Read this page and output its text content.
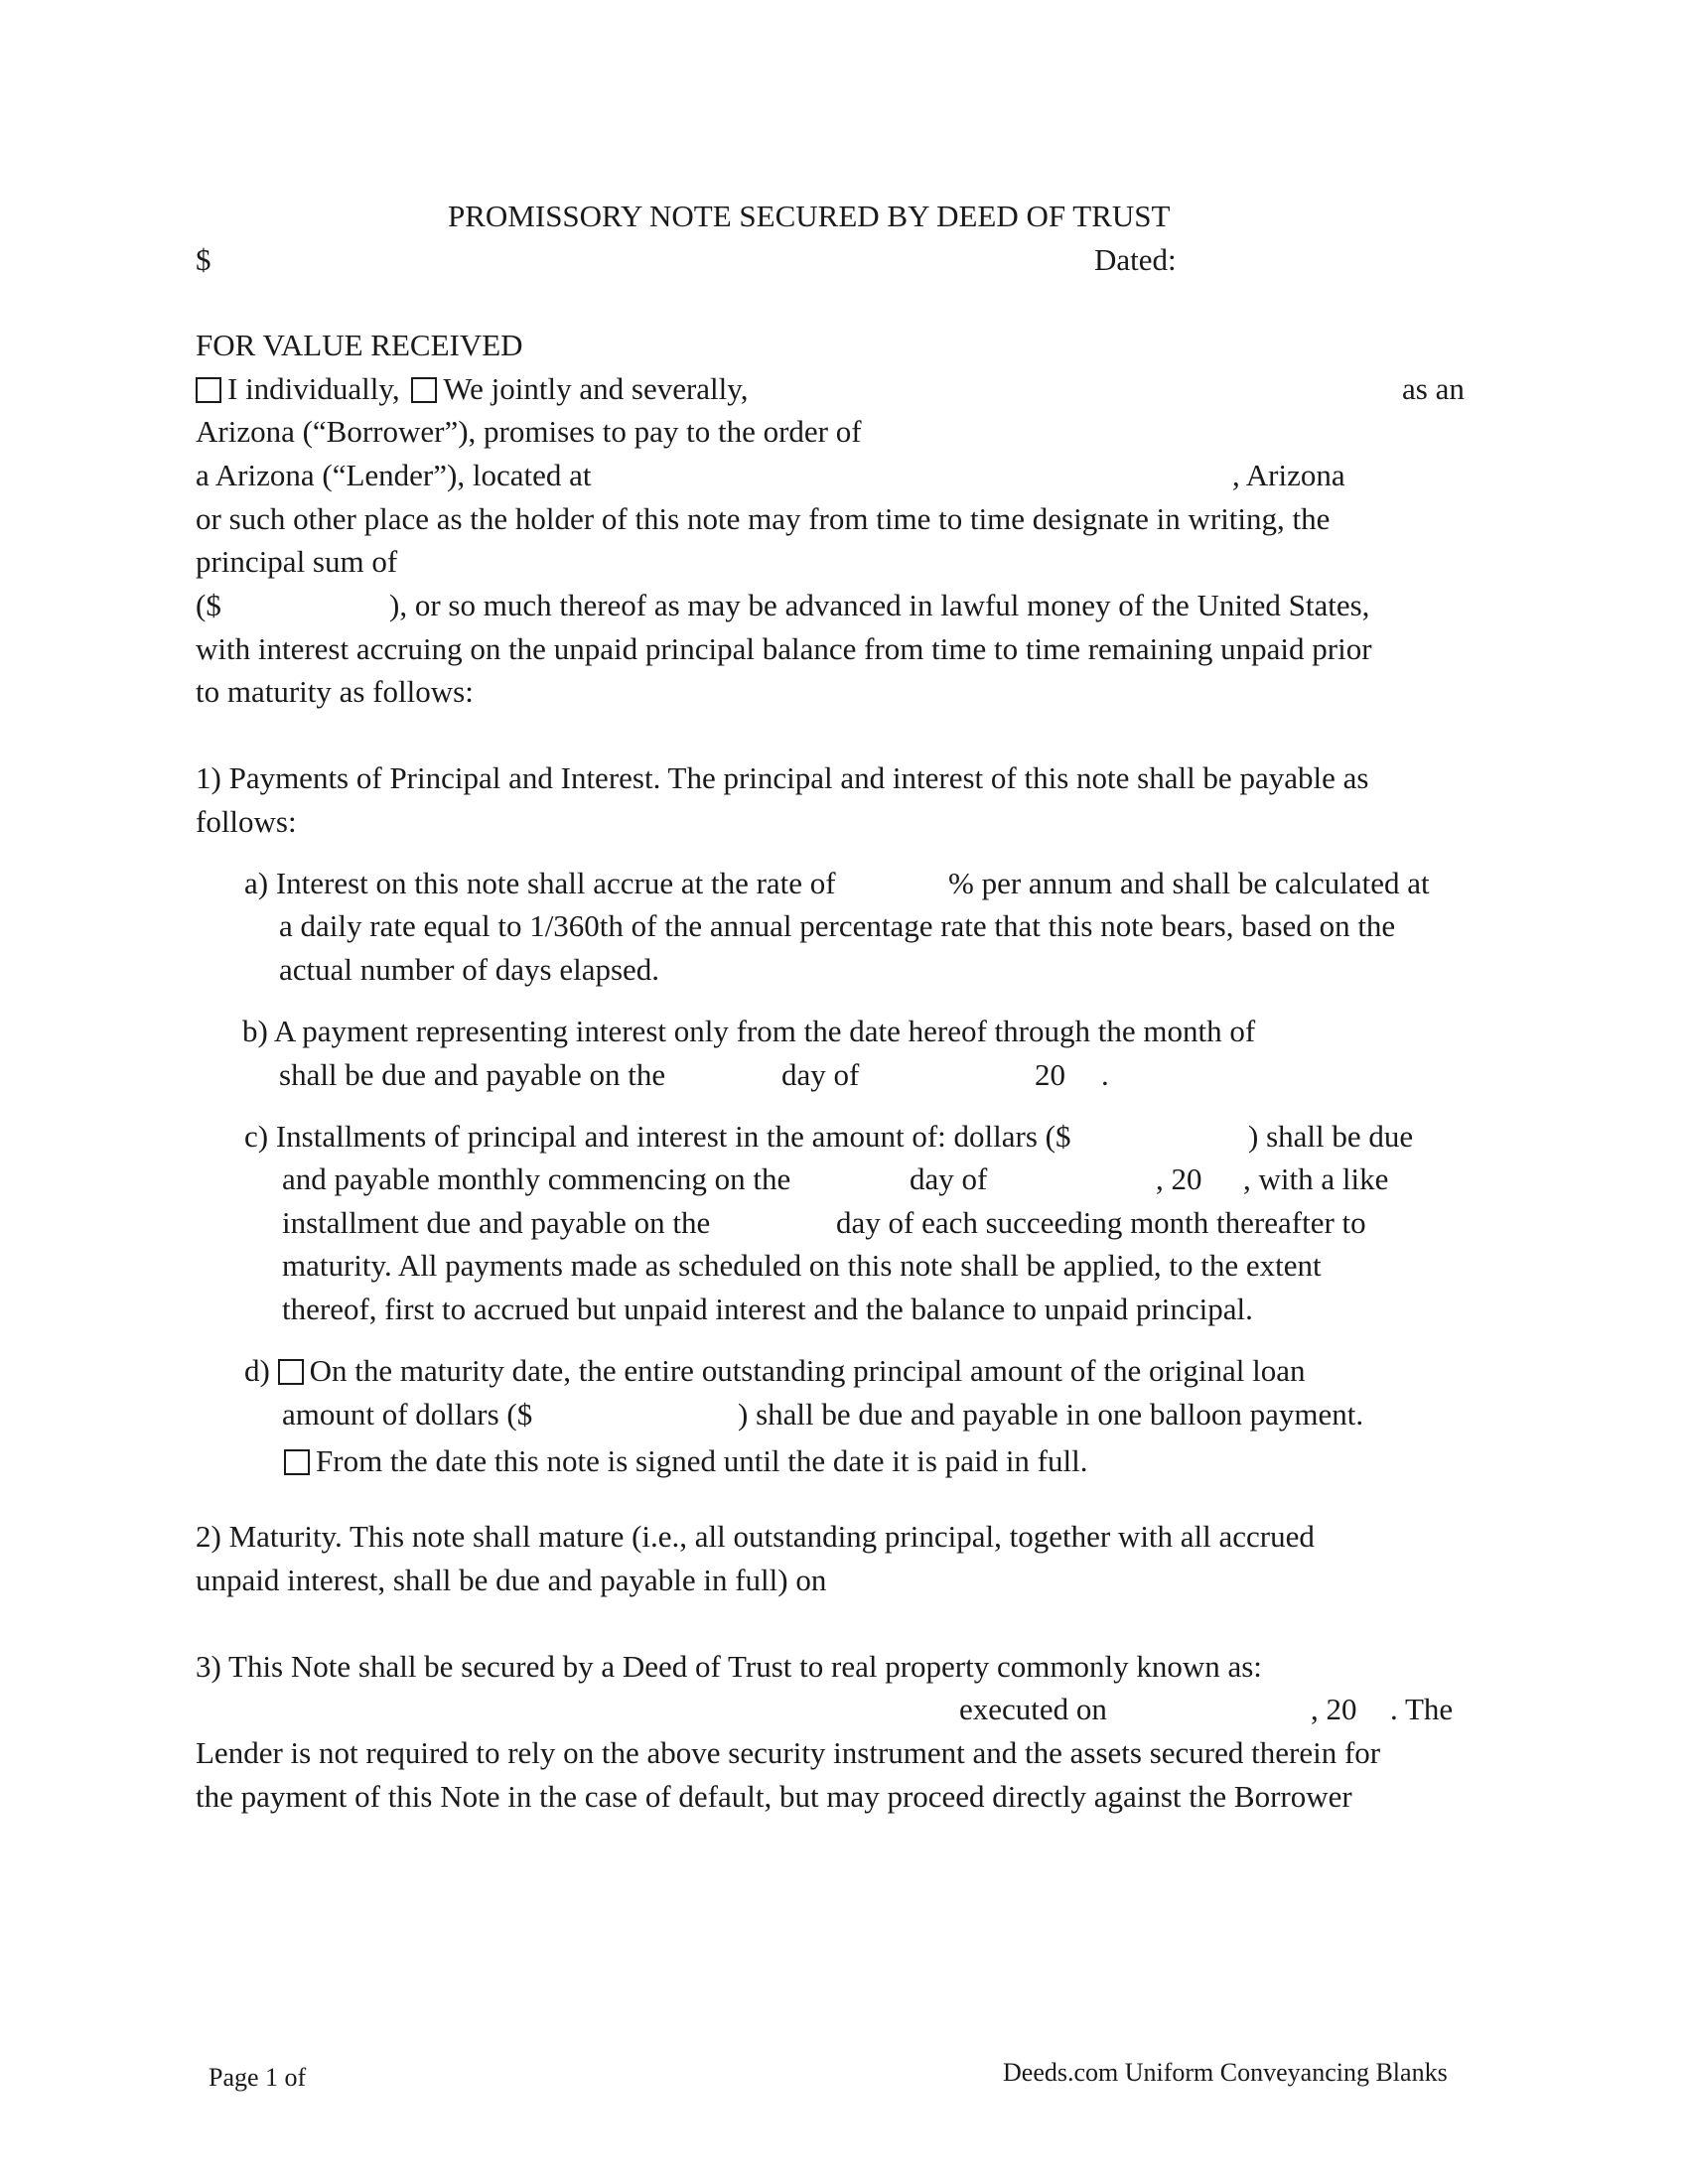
PROMISSORY NOTE SECURED BY DEED OF TRUST
$	Dated:
FOR VALUE RECEIVED
I individually, We jointly and severally,	as an
Arizona (“Borrower”), promises to pay to the order of
a Arizona (“Lender”), located at	, Arizona
or such other place as the holder of this note may from time to time designate in writing, the
principal sum of
($	), or so much thereof as may be advanced in lawful money of the United States,
with interest accruing on the unpaid principal balance from time to time remaining unpaid prior
to maturity as follows:
1) Payments of Principal and Interest. The principal and interest of this note shall be payable as
follows:
a) Interest on this note shall accrue at the rate of	% per annum and shall be calculated at
a daily rate equal to 1/360th of the annual percentage rate that this note bears, based on the
actual number of days elapsed.
b) A payment representing interest only from the date hereof through the month of
shall be due and payable on the	day of	20 .
c) Installments of principal and interest in the amount of: dollars ($	) shall be due
and payable monthly commencing on the	day of	, 20 , with a like
installment due and payable on the	day of each succeeding month thereafter to
maturity. All payments made as scheduled on this note shall be applied, to the extent
thereof, first to accrued but unpaid interest and the balance to unpaid principal.
d) On the maturity date, the entire outstanding principal amount of the original loan
amount of dollars ($	) shall be due and payable in one balloon payment.
From the date this note is signed until the date it is paid in full.
2) Maturity. This note shall mature (i.e., all outstanding principal, together with all accrued
unpaid interest, shall be due and payable in full) on
3) This Note shall be secured by a Deed of Trust to real property commonly known as:
executed on	, 20 . The
Lender is not required to rely on the above security instrument and the assets secured therein for
the payment of this Note in the case of default, but may proceed directly against the Borrower
Page 1 of	Deeds.com Uniform Conveyancing Blanks
